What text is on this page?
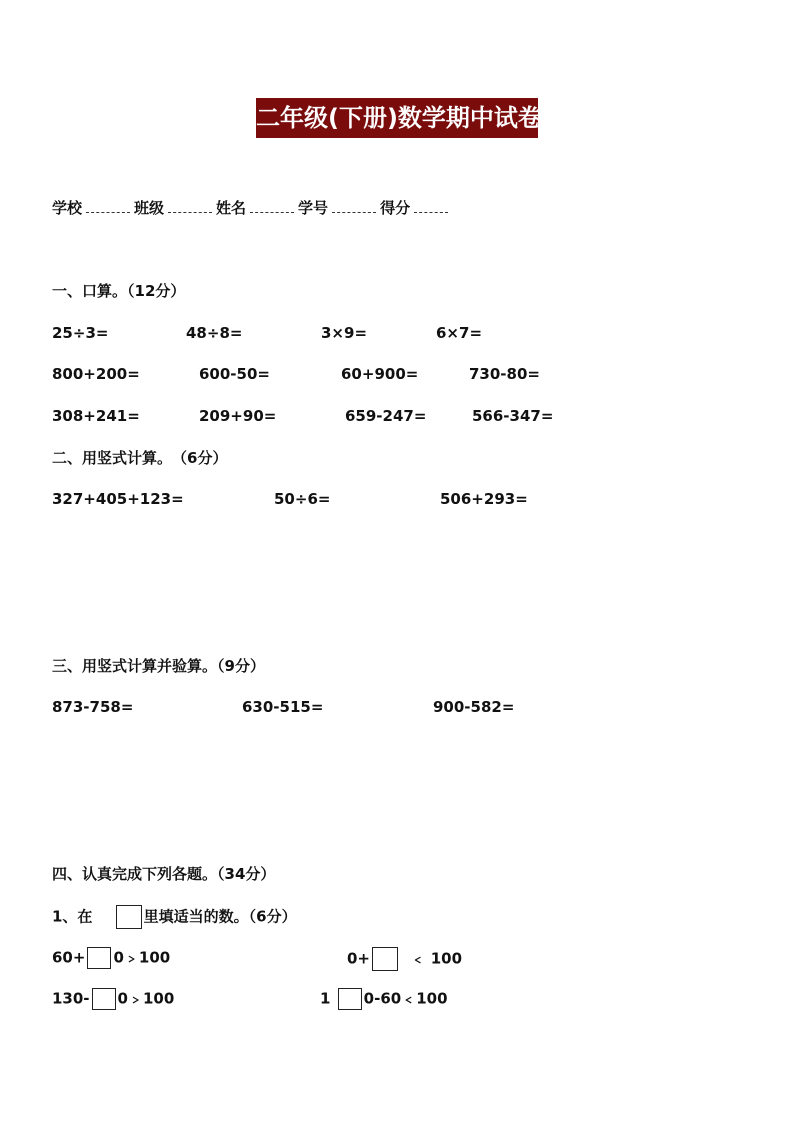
二年级(下册)数学期中试卷
学校	班级	姓名	学号	得分
一、口算。（12分）
25÷3=	48÷8=	3×9=	6×7=
800+200=	600-50=	60+900=	730-80=
308+241=	209+90=	659-247=	566-347=
二、用竖式计算。　（6分）
327+405+123=	50÷6=	506+293=
三、用竖式计算并验算。（9分）
873-758=	630-515=	900-582=
四、认真完成下列各题。（34分）
1、在	里填适当的数。（6分）
60+ 0﹥100	0+	﹤ 100
130- 0﹥100	1 0-60﹤100
